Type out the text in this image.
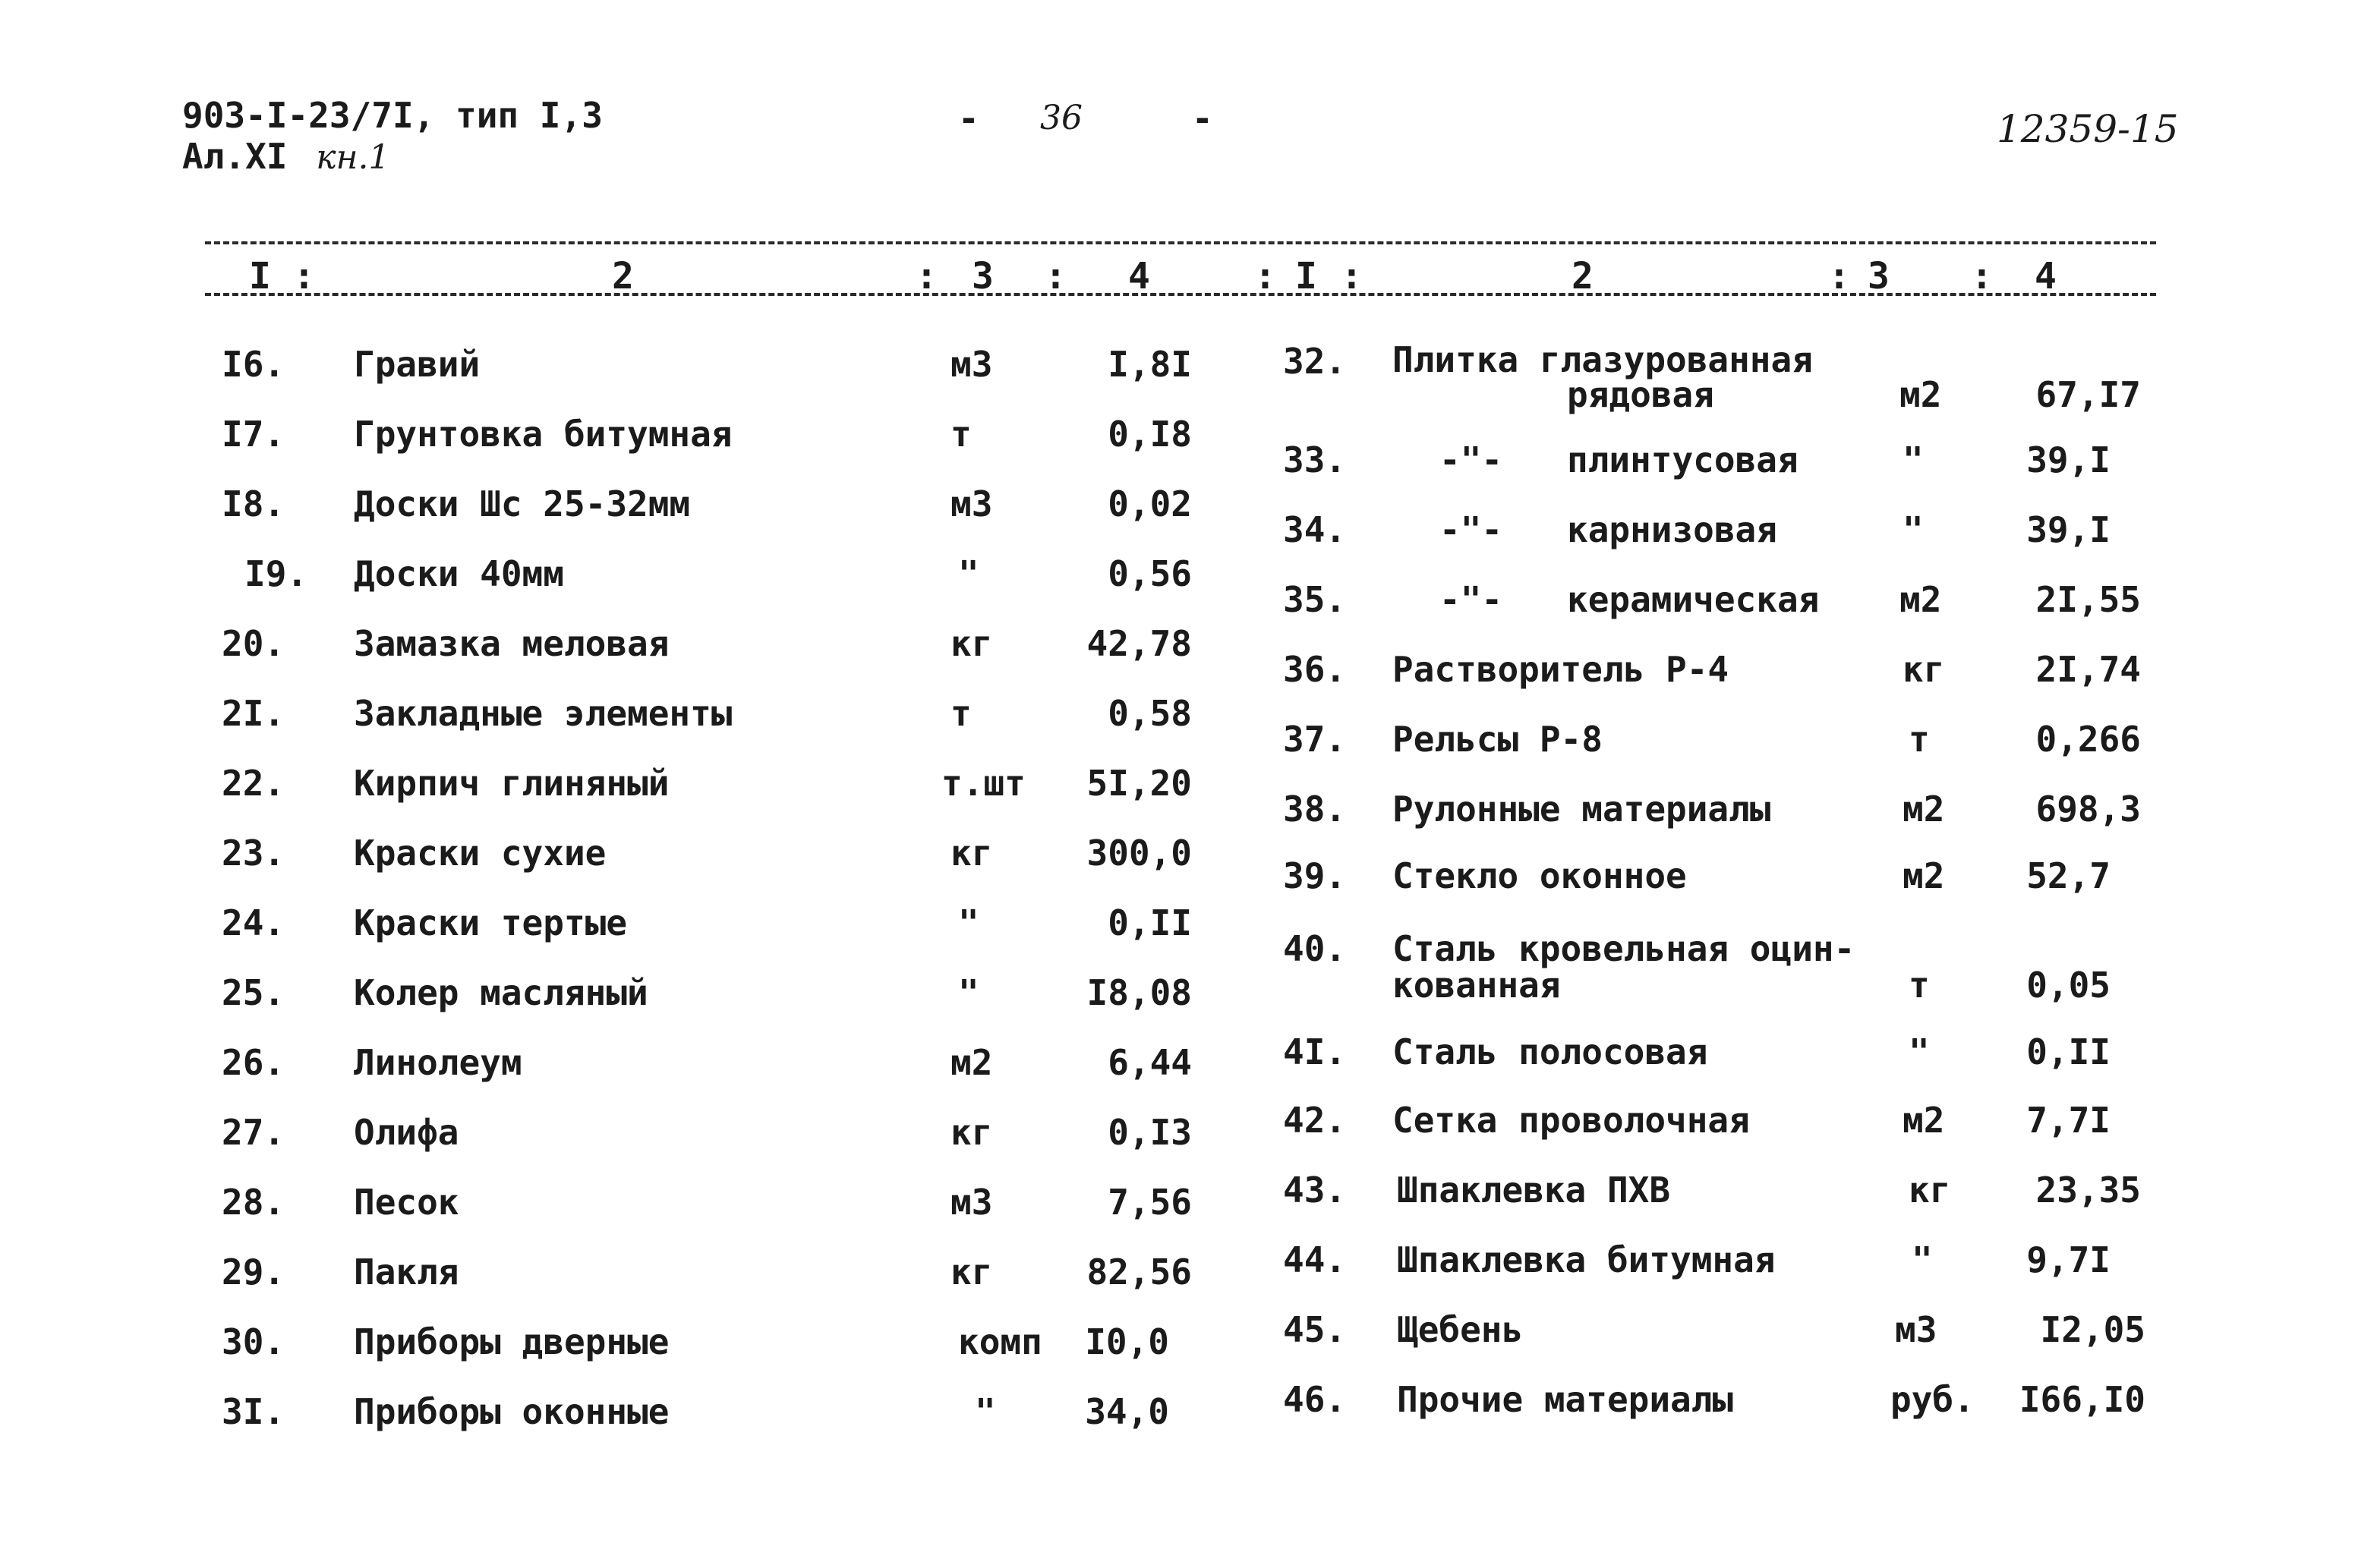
903-I-23/7I, тип I,3
Ал.XI кн.1
- 36	-	12359-15
I :	2	: 3 : 4	: I :	2	: 3 : 4
I6. Гравий	м3	I,8I
I7. Грунтовка битумная	т	0,I8
I8. Доски Шс 25-32мм	м3	0,02
I9. Доски 40мм	"	0,56
20. Замазка меловая	кг	42,78
2I. Закладные элементы	т	0,58
22. Кирпич глиняный	т.шт	5I,20
23. Краски сухие	кг	300,0
24. Краски тертые	"	0,II
25. Колер масляный	"	I8,08
26. Линолеум	м2	6,44
27. Олифа	кг	0,I3
28. Песок	м3	7,56
29. Пакля	кг	82,56
30. Приборы дверные	комп	I0,0
3I. Приборы оконные	"	34,0
32. Плитка глазурованная
рядовая	м2	67,I7
33.	-"- плинтусовая	"	39,I
34.	-"- карнизовая	"	39,I
35.	-"- керамическая м2	2I,55
36. Растворитель Р-4	кг	2I,74
37. Рельсы Р-8	т	0,266
38. Рулонные материалы	м2	698,3
39. Стекло оконное	м2	52,7
40. Сталь кровельная оцин-
кованная	т	0,05
4I. Сталь полосовая	"	0,II
42. Сетка проволочная	м2	7,7I
43. Шпаклевка ПХВ	кг	23,35
44. Шпаклевка битумная	"	9,7I
45. Щебень	м3	I2,05
46. Прочие материалы	руб.	I66,I0
